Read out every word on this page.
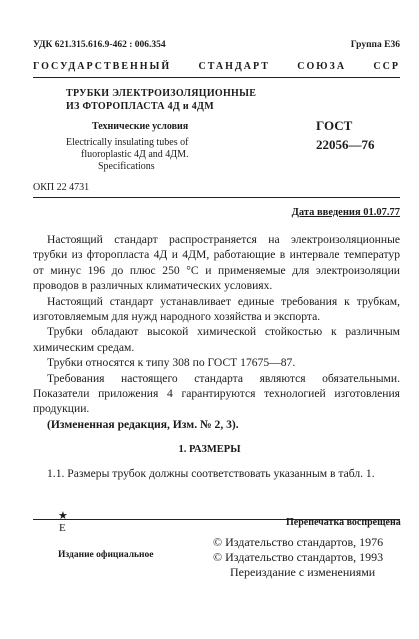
УДК 621.315.616.9-462 : 006.354	Группа Е36
ГОСУДАРСТВЕННЫЙ	СТАНДАРТ	СОЮЗА	ССР
ТРУБКИ ЭЛЕКТРОИЗОЛЯЦИОННЫЕ
ИЗ ФТОРОПЛАСТА 4Д и 4ДМ
Технические условия
Electrically insulating tubes of
fluoroplastic 4Д and 4ДМ.
Specifications
ГОСТ
22056—76
ОКП 22 4731
Дата введения 01.07.77

Настоящий стандарт распространяется на электроизоляционные трубки из фторопласта 4Д и 4ДМ, работающие в интервале температур от минус 196 до плюс 250 °С и применяемые для электроизоляции проводов в различных климатических условиях.

Настоящий стандарт устанавливает единые требования к трубкам, изготовляемым для нужд народного хозяйства и экспорта.

Трубки обладают высокой химической стойкостью к различным химическим средам.

Трубки относятся к типу 308 по ГОСТ 17675—87.

Требования настоящего стандарта являются обязательными. Показатели приложения 4 гарантируются технологией изготовления продукции.

(Измененная редакция, Изм. № 2, 3).

1. РАЗМЕРЫ

1.1. Размеры трубок должны соответствовать указанным в табл. 1.

★
Е	Перепечатка воспрещена
Издание официальное
© Издательство стандартов, 1976
© Издательство стандартов, 1993
Переиздание с изменениями
